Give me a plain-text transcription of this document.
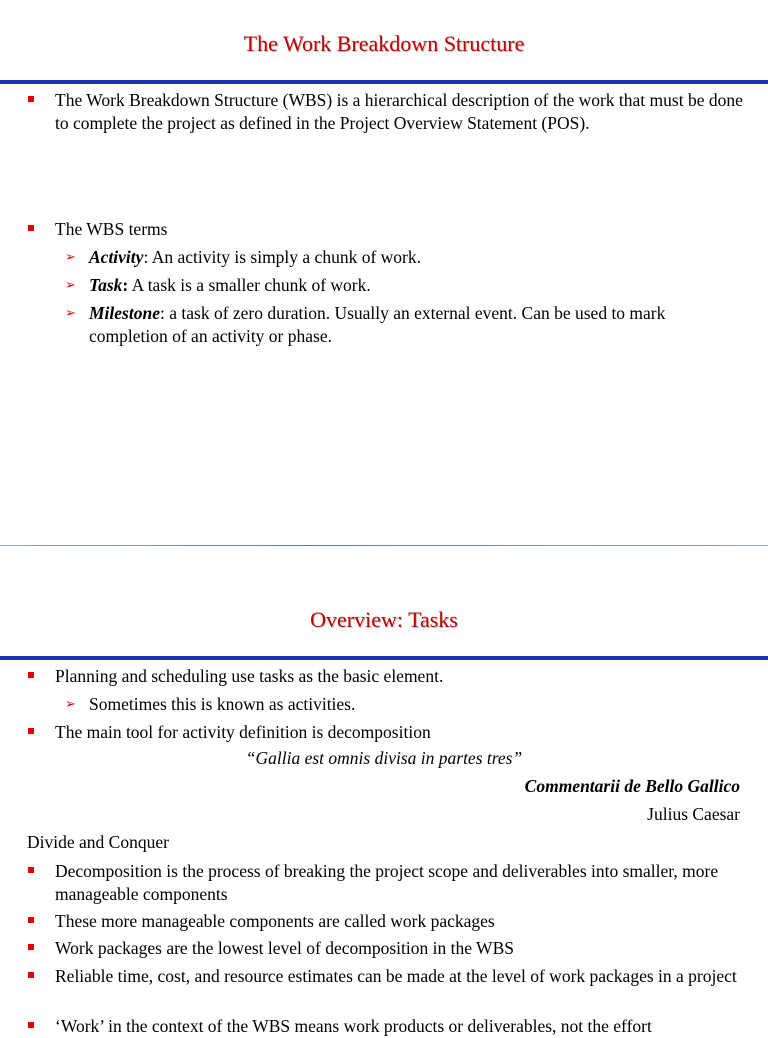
The Work Breakdown Structure
The Work Breakdown Structure (WBS) is a hierarchical description of the work that must be done to complete the project as defined in the Project Overview Statement (POS).
The WBS terms
➢ Activity: An activity is simply a chunk of work.
➢ Task: A task is a smaller chunk of work.
➢ Milestone: a task of zero duration. Usually an external event. Can be used to mark completion of an activity or phase.
Overview: Tasks
Planning and scheduling use tasks as the basic element.
➢ Sometimes this is known as activities.
The main tool for activity definition is decomposition
“Gallia est omnis divisa in partes tres”
Commentarii de Bello Gallico
Julius Caesar
Divide and Conquer
Decomposition is the process of breaking the project scope and deliverables into smaller, more manageable components
These more manageable components are called work packages
Work packages are the lowest level of decomposition in the WBS
Reliable time, cost, and resource estimates can be made at the level of work packages in a project
‘Work’ in the context of the WBS means work products or deliverables, not the effort
